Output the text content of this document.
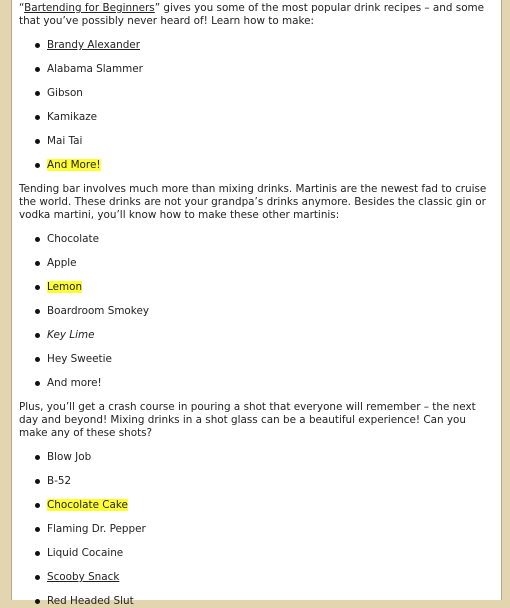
“Bartending for Beginners” gives you some of the most popular drink recipes – and some that you’ve possibly never heard of! Learn how to make:

Brandy Alexander
Alabama Slammer
Gibson
Kamikaze
Mai Tai
And More!

Tending bar involves much more than mixing drinks. Martinis are the newest fad to cruise the world. These drinks are not your grandpa’s drinks anymore. Besides the classic gin or vodka martini, you’ll know how to make these other martinis:

Chocolate
Apple
Lemon
Boardroom Smokey
Key Lime
Hey Sweetie
And more!

Plus, you’ll get a crash course in pouring a shot that everyone will remember – the next day and beyond! Mixing drinks in a shot glass can be a beautiful experience! Can you make any of these shots?

Blow Job
B-52
Chocolate Cake
Flaming Dr. Pepper
Liquid Cocaine
Scooby Snack
Red Headed Slut
